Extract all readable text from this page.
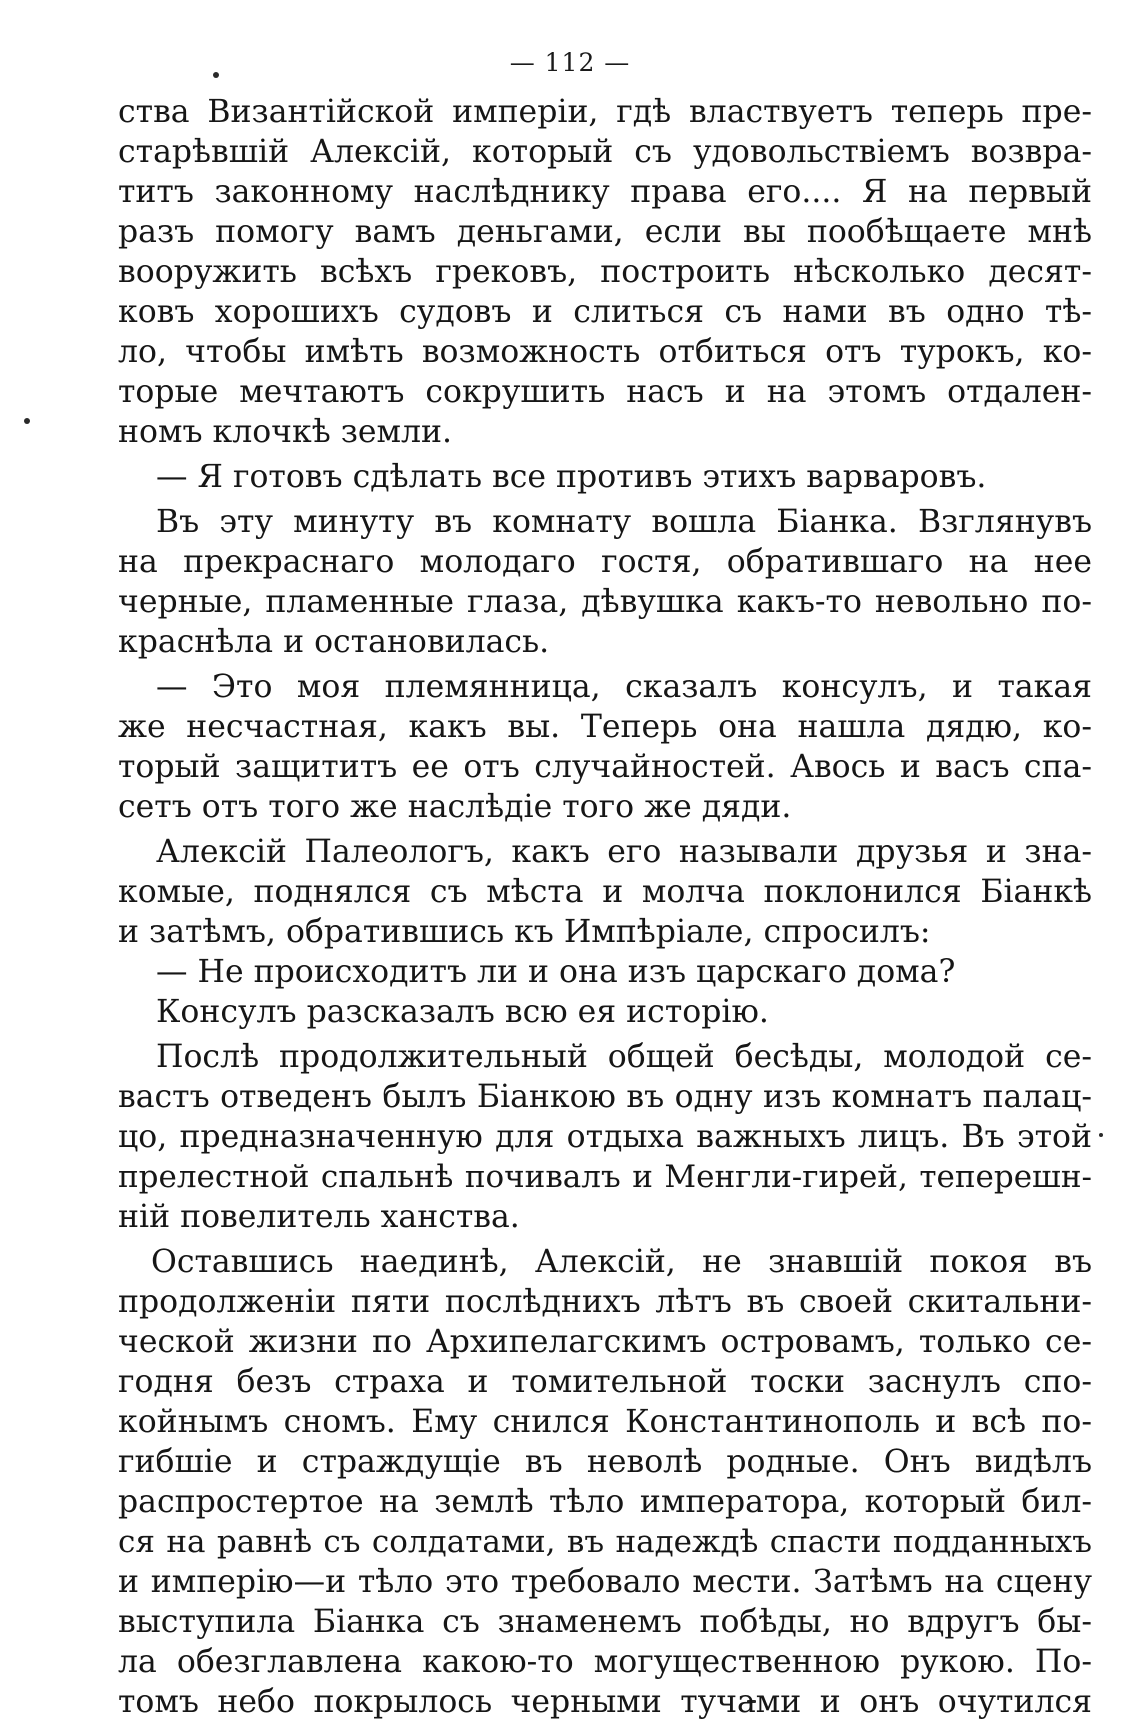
— 112 —
ства Византійской имперіи, гдѣ властвуетъ теперь пре-
старѣвшій Алексій, который съ удовольствіемъ возвра-
титъ законному наслѣднику права его.... Я на первый
разъ помогу вамъ деньгами, если вы пообѣщаете мнѣ
вооружить всѣхъ грековъ, построить нѣсколько десят-
ковъ хорошихъ судовъ и слиться съ нами въ одно тѣ-
ло, чтобы имѣть возможность отбиться отъ турокъ, ко-
торые мечтаютъ сокрушить насъ и на этомъ отдален-
номъ клочкѣ земли.
— Я готовъ сдѣлать все противъ этихъ варваровъ.
Въ эту минуту въ комнату вошла Біанка. Взглянувъ
на прекраснаго молодаго гостя, обратившаго на нее
черные, пламенные глаза, дѣвушка какъ-то невольно по-
краснѣла и остановилась.
— Это моя племянница, сказалъ консулъ, и такая
же несчастная, какъ вы. Теперь она нашла дядю, ко-
торый защититъ ее отъ случайностей. Авось и васъ спа-
сетъ отъ того же наслѣдіе того же дяди.
Алексій Палеологъ, какъ его называли друзья и зна-
комые, поднялся съ мѣста и молча поклонился Біанкѣ
и затѣмъ, обратившись къ Импѣріале, спросилъ:
— Не происходитъ ли и она изъ царскаго дома?
Консулъ разсказалъ всю ея исторію.
Послѣ продолжительный общей бесѣды, молодой се-
вастъ отведенъ былъ Біанкою въ одну изъ комнатъ палац-
цо, предназначенную для отдыха важныхъ лицъ. Въ этой
прелестной спальнѣ почивалъ и Менгли-гирей, теперешн-
ній повелитель ханства.
Оставшись наединѣ, Алексій, не знавшій покоя въ
продолженіи пяти послѣднихъ лѣтъ въ своей скитальни-
ческой жизни по Архипелагскимъ островамъ, только се-
годня безъ страха и томительной тоски заснулъ спо-
койнымъ сномъ. Ему снился Константинополь и всѣ по-
гибшіе и страждущіе въ неволѣ родные. Онъ видѣлъ
распростертое на землѣ тѣло императора, который бил-
ся на равнѣ съ солдатами, въ надеждѣ спасти подданныхъ
и имперію—и тѣло это требовало мести. Затѣмъ на сцену
выступила Біанка съ знаменемъ побѣды, но вдругъ бы-
ла обезглавлена какою-то могущественною рукою. По-
томъ небо покрылось черными тучами и онъ очутился
